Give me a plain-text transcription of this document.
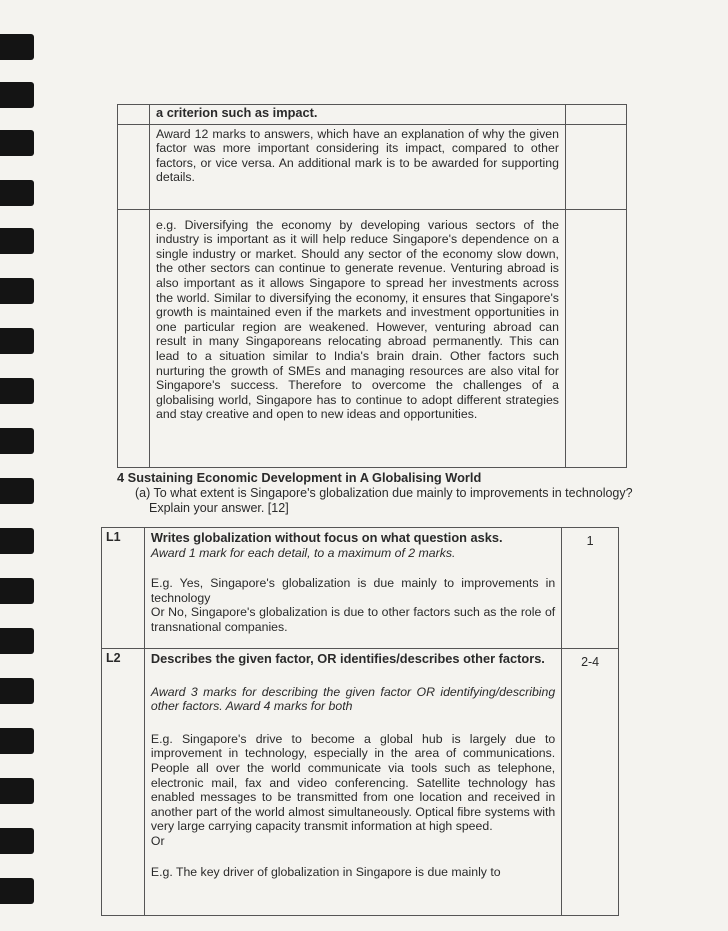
	a criterion such as impact.	

	Award 12 marks to answers, which have an explanation of why the given factor was more important considering its impact, compared to other factors, or vice versa. An additional mark is to be awarded for supporting details.	

	e.g. Diversifying the economy by developing various sectors of the industry is important as it will help reduce Singapore's dependence on a single industry or market. Should any sector of the economy slow down, the other sectors can continue to generate revenue. Venturing abroad is also important as it allows Singapore to spread her investments across the world. Similar to diversifying the economy, it ensures that Singapore's growth is maintained even if the markets and investment opportunities in one particular region are weakened. However, venturing abroad can result in many Singaporeans relocating abroad permanently. This can lead to a situation similar to India's brain drain. Other factors such nurturing the growth of SMEs and managing resources are also vital for Singapore's success. Therefore to overcome the challenges of a globalising world, Singapore has to continue to adopt different strategies and stay creative and open to new ideas and opportunities.	

4 Sustaining Economic Development in A Globalising World
(a) To what extent is Singapore's globalization due mainly to improvements in technology? Explain your answer. [12]
L1	Writes globalization without focus on what question asks.
Award 1 mark for each detail, to a maximum of 2 marks.
E.g. Yes, Singapore's globalization is due mainly to improvements in technology
Or No, Singapore's globalization is due to other factors such as the role of transnational companies.	1
L2	Describes the given factor, OR identifies/describes other factors.
Award 3 marks for describing the given factor OR identifying/describing other factors. Award 4 marks for both
E.g. Singapore's drive to become a global hub is largely due to improvement in technology, especially in the area of communications. People all over the world communicate via tools such as telephone, electronic mail, fax and video conferencing. Satellite technology has enabled messages to be transmitted from one location and received in another part of the world almost simultaneously. Optical fibre systems with very large carrying capacity transmit information at high speed.
Or
E.g. The key driver of globalization in Singapore is due mainly to	2-4
